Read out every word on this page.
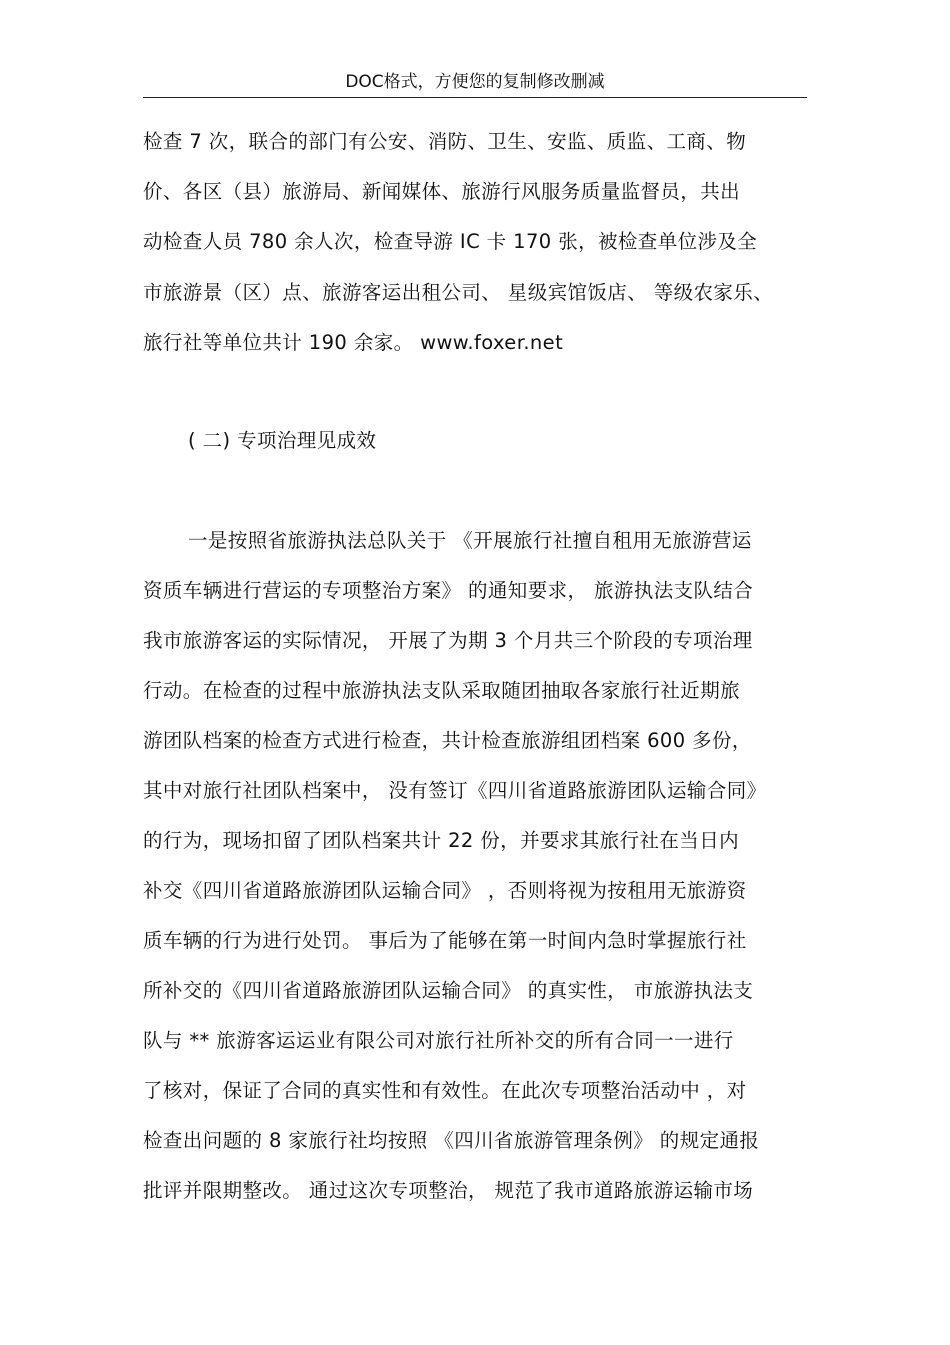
DOC格式，方便您的复制修改删减
检查 7 次，联合的部门有公安、消防、卫生、安监、质监、工商、物
价、各区（县）旅游局、新闻媒体、旅游行风服务质量监督员，共出
动检查人员 780 余人次，检查导游 IC 卡 170 张，被检查单位涉及全
市旅游景（区）点、旅游客运出租公司、 星级宾馆饭店、 等级农家乐、
旅行社等单位共计 190 余家。 www.foxer.net
( 二) 专项治理见成效
一是按照省旅游执法总队关于 《开展旅行社擅自租用无旅游营运
资质车辆进行营运的专项整治方案》 的通知要求， 旅游执法支队结合
我市旅游客运的实际情况， 开展了为期 3 个月共三个阶段的专项治理
行动。在检查的过程中旅游执法支队采取随团抽取各家旅行社近期旅
游团队档案的检查方式进行检查，共计检查旅游组团档案 600 多份，
其中对旅行社团队档案中， 没有签订《四川省道路旅游团队运输合同》
的行为，现场扣留了团队档案共计 22 份，并要求其旅行社在当日内
补交《四川省道路旅游团队运输合同》 ，否则将视为按租用无旅游资
质车辆的行为进行处罚。 事后为了能够在第一时间内急时掌握旅行社
所补交的《四川省道路旅游团队运输合同》 的真实性， 市旅游执法支
队与 ** 旅游客运运业有限公司对旅行社所补交的所有合同一一进行
了核对，保证了合同的真实性和有效性。在此次专项整治活动中 ，对
检查出问题的 8 家旅行社均按照 《四川省旅游管理条例》 的规定通报
批评并限期整改。 通过这次专项整治， 规范了我市道路旅游运输市场
